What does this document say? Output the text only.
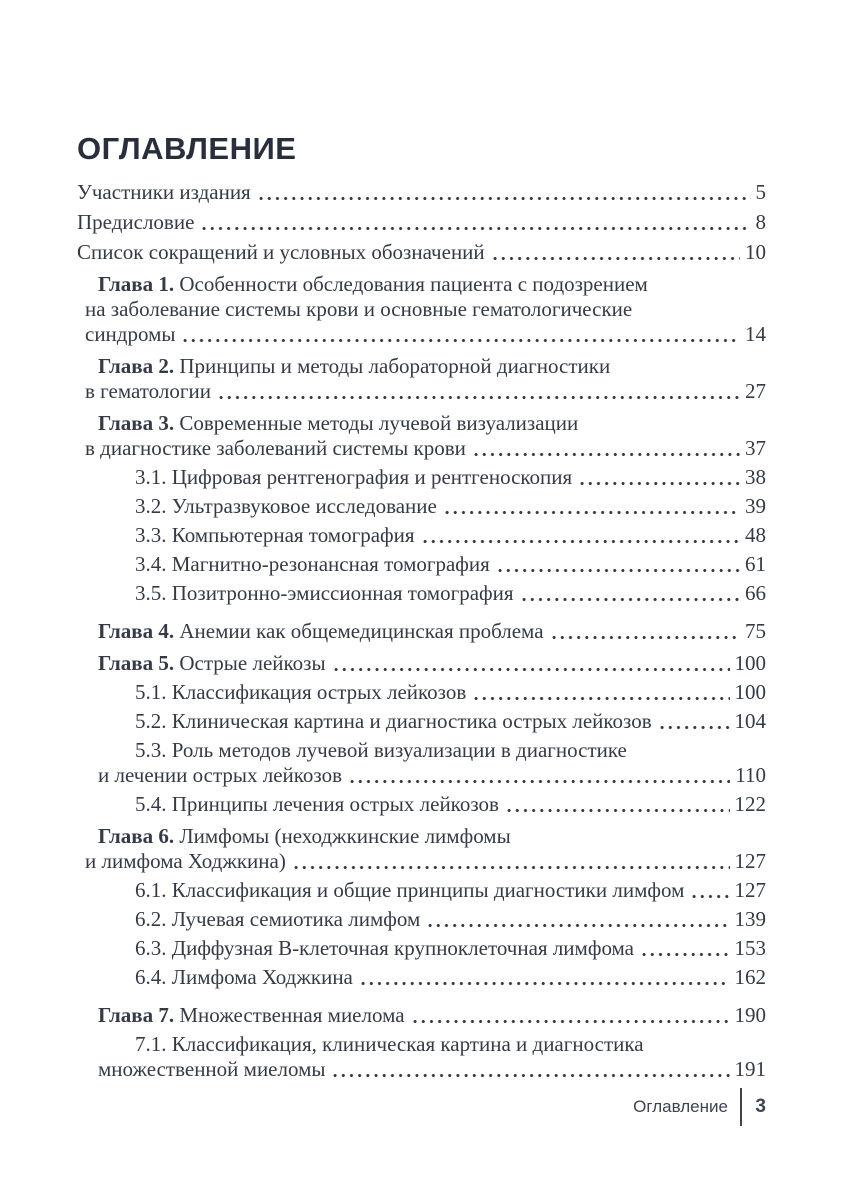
ОГЛАВЛЕНИЕ
Участники издания	5
Предисловие	8
Список сокращений и условных обозначений	10
Глава 1. Особенности обследования пациента с подозрением
на заболевание системы крови и основные гематологические
синдромы	14
Глава 2. Принципы и методы лабораторной диагностики
в гематологии	27
Глава 3. Современные методы лучевой визуализации
в диагностике заболеваний системы крови	37
3.1. Цифровая рентгенография и рентгеноскопия	38
3.2. Ультразвуковое исследование	39
3.3. Компьютерная томография	48
3.4. Магнитно-резонансная томография	61
3.5. Позитронно-эмиссионная томография	66
Глава 4. Анемии как общемедицинская проблема	75
Глава 5. Острые лейкозы	100
5.1. Классификация острых лейкозов	100
5.2. Клиническая картина и диагностика острых лейкозов	104
5.3. Роль методов лучевой визуализации в диагностике
и лечении острых лейкозов	110
5.4. Принципы лечения острых лейкозов	122
Глава 6. Лимфомы (неходжкинские лимфомы
и лимфома Ходжкина)	127
6.1. Классификация и общие принципы диагностики лимфом 127
6.2. Лучевая семиотика лимфом	139
6.3. Диффузная В-клеточная крупноклеточная лимфома	153
6.4. Лимфома Ходжкина	162
Глава 7. Множественная миелома	190
7.1. Классификация, клиническая картина и диагностика
множественной миеломы	191
Оглавление 3
